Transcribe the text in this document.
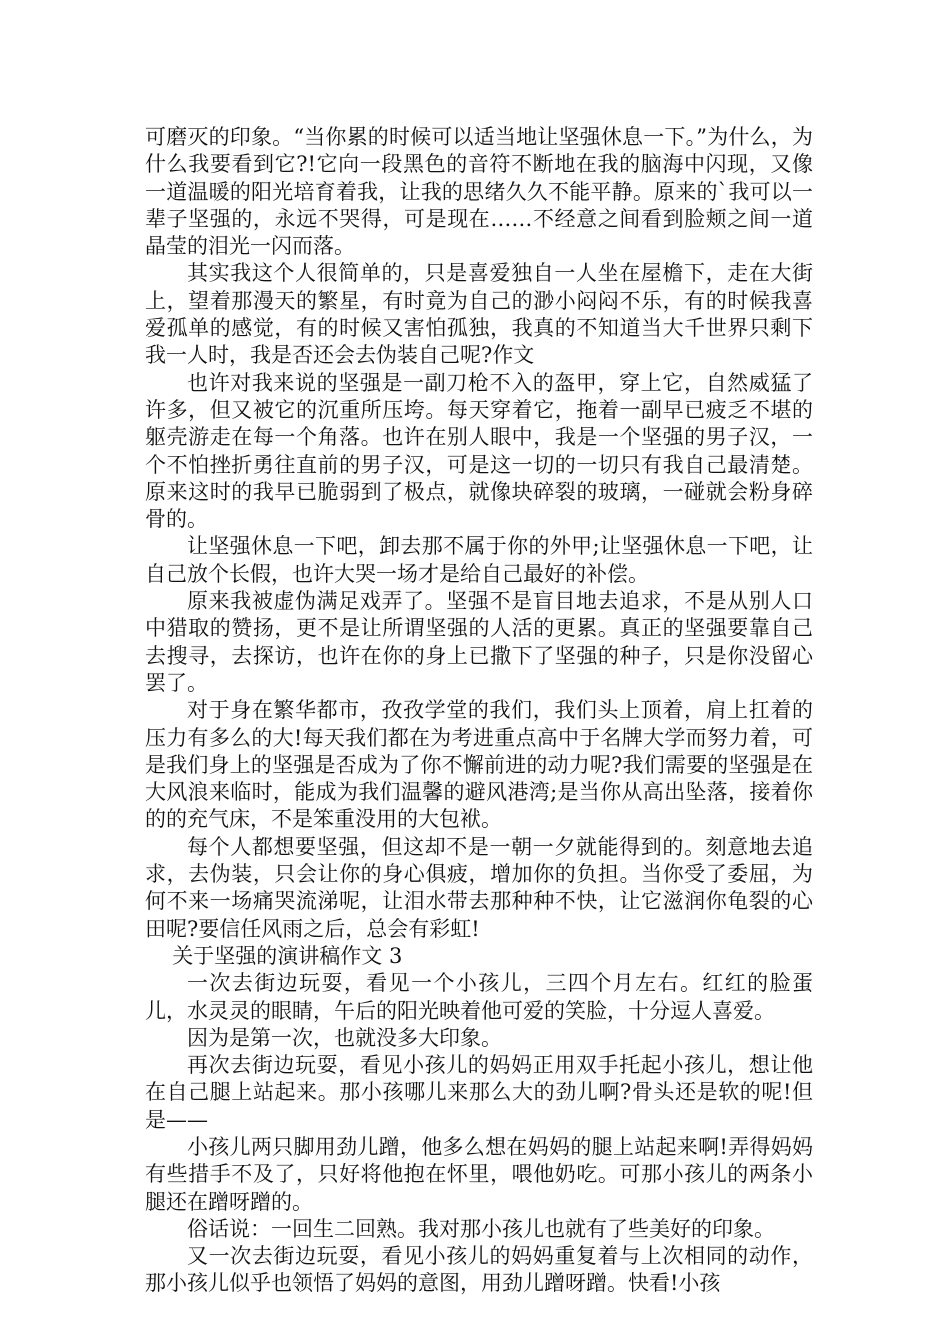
可磨灭的印象。“当你累的时候可以适当地让坚强休息一下。”为什么，为什么我要看到它?!它向一段黑色的音符不断地在我的脑海中闪现，又像一道温暖的阳光培育着我，让我的思绪久久不能平静。原来的`我可以一辈子坚强的，永远不哭得，可是现在……不经意之间看到脸颊之间一道晶莹的泪光一闪而落。

其实我这个人很简单的，只是喜爱独自一人坐在屋檐下，走在大街上，望着那漫天的繁星，有时竟为自己的渺小闷闷不乐，有的时候我喜爱孤单的感觉，有的时候又害怕孤独，我真的不知道当大千世界只剩下我一人时，我是否还会去伪装自己呢?作文

也许对我来说的坚强是一副刀枪不入的盔甲，穿上它，自然威猛了许多，但又被它的沉重所压垮。每天穿着它，拖着一副早已疲乏不堪的躯壳游走在每一个角落。也许在别人眼中，我是一个坚强的男子汉，一个不怕挫折勇往直前的男子汉，可是这一切的一切只有我自己最清楚。原来这时的我早已脆弱到了极点，就像块碎裂的玻璃，一碰就会粉身碎骨的。

让坚强休息一下吧，卸去那不属于你的外甲;让坚强休息一下吧，让自己放个长假，也许大哭一场才是给自己最好的补偿。

原来我被虚伪满足戏弄了。坚强不是盲目地去追求，不是从别人口中猎取的赞扬，更不是让所谓坚强的人活的更累。真正的坚强要靠自己去搜寻，去探访，也许在你的身上已撒下了坚强的种子，只是你没留心罢了。

对于身在繁华都市，孜孜学堂的我们，我们头上顶着，肩上扛着的压力有多么的大!每天我们都在为考进重点高中于名牌大学而努力着，可是我们身上的坚强是否成为了你不懈前进的动力呢?我们需要的坚强是在大风浪来临时，能成为我们温馨的避风港湾;是当你从高出坠落，接着你的的充气床，不是笨重没用的大包袱。

每个人都想要坚强，但这却不是一朝一夕就能得到的。刻意地去追求，去伪装，只会让你的身心俱疲，增加你的负担。当你受了委屈，为何不来一场痛哭流涕呢，让泪水带去那种种不快，让它滋润你龟裂的心田呢?要信任风雨之后，总会有彩虹!

关于坚强的演讲稿作文 3

一次去街边玩耍，看见一个小孩儿，三四个月左右。红红的脸蛋儿，水灵灵的眼睛，午后的阳光映着他可爱的笑脸，十分逗人喜爱。

因为是第一次，也就没多大印象。

再次去街边玩耍，看见小孩儿的妈妈正用双手托起小孩儿，想让他在自己腿上站起来。那小孩哪儿来那么大的劲儿啊?骨头还是软的呢!但是——

小孩儿两只脚用劲儿蹭，他多么想在妈妈的腿上站起来啊!弄得妈妈有些措手不及了，只好将他抱在怀里，喂他奶吃。可那小孩儿的两条小腿还在蹭呀蹭的。

俗话说：一回生二回熟。我对那小孩儿也就有了些美好的印象。

又一次去街边玩耍，看见小孩儿的妈妈重复着与上次相同的动作，那小孩儿似乎也领悟了妈妈的意图，用劲儿蹭呀蹭。快看!小孩
